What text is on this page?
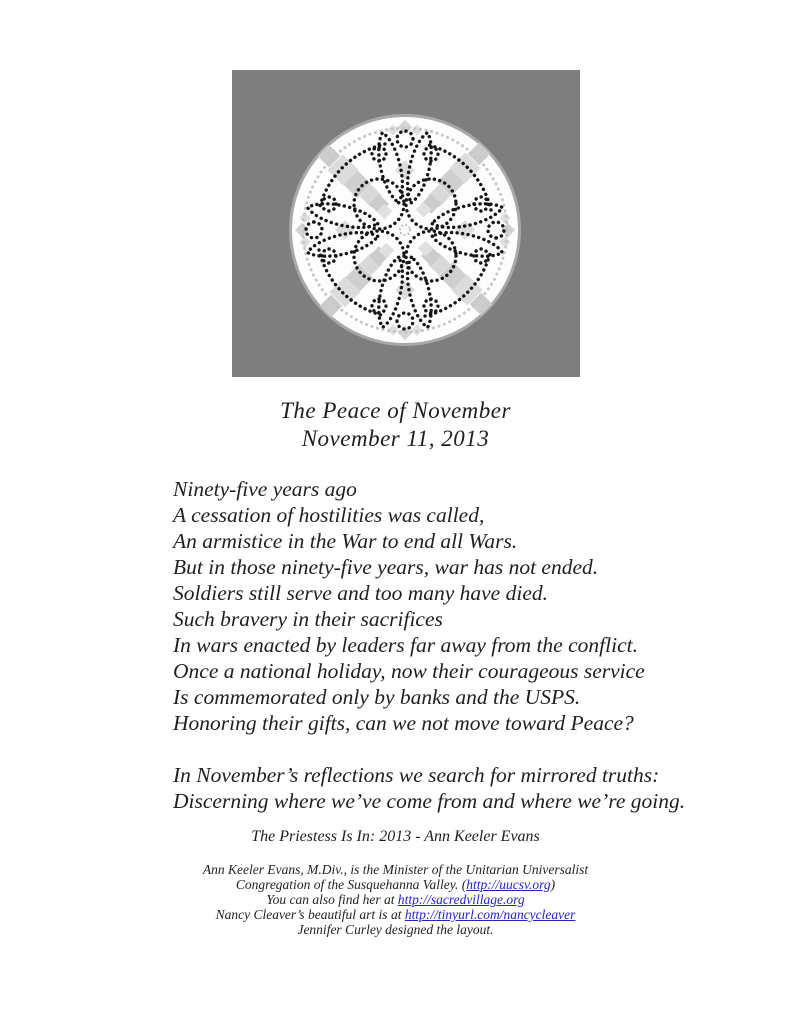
The Peace of November
November 11, 2013
Ninety-five years ago
A cessation of hostilities was called,
An armistice in the War to end all Wars.
But in those ninety-five years, war has not ended.
Soldiers still serve and too many have died.
Such bravery in their sacrifices
In wars enacted by leaders far away from the conflict.
Once a national holiday, now their courageous service
Is commemorated only by banks and the USPS.
Honoring their gifts, can we not move toward Peace?
In November’s reflections we search for mirrored truths:
Discerning where we’ve come from and where we’re going.
The Priestess Is In: 2013 - Ann Keeler Evans
Ann Keeler Evans, M.Div., is the Minister of the Unitarian Universalist
Congregation of the Susquehanna Valley. (http://uucsv.org)
You can also find her at http://sacredvillage.org
Nancy Cleaver’s beautiful art is at http://tinyurl.com/nancycleaver
Jennifer Curley designed the layout.
